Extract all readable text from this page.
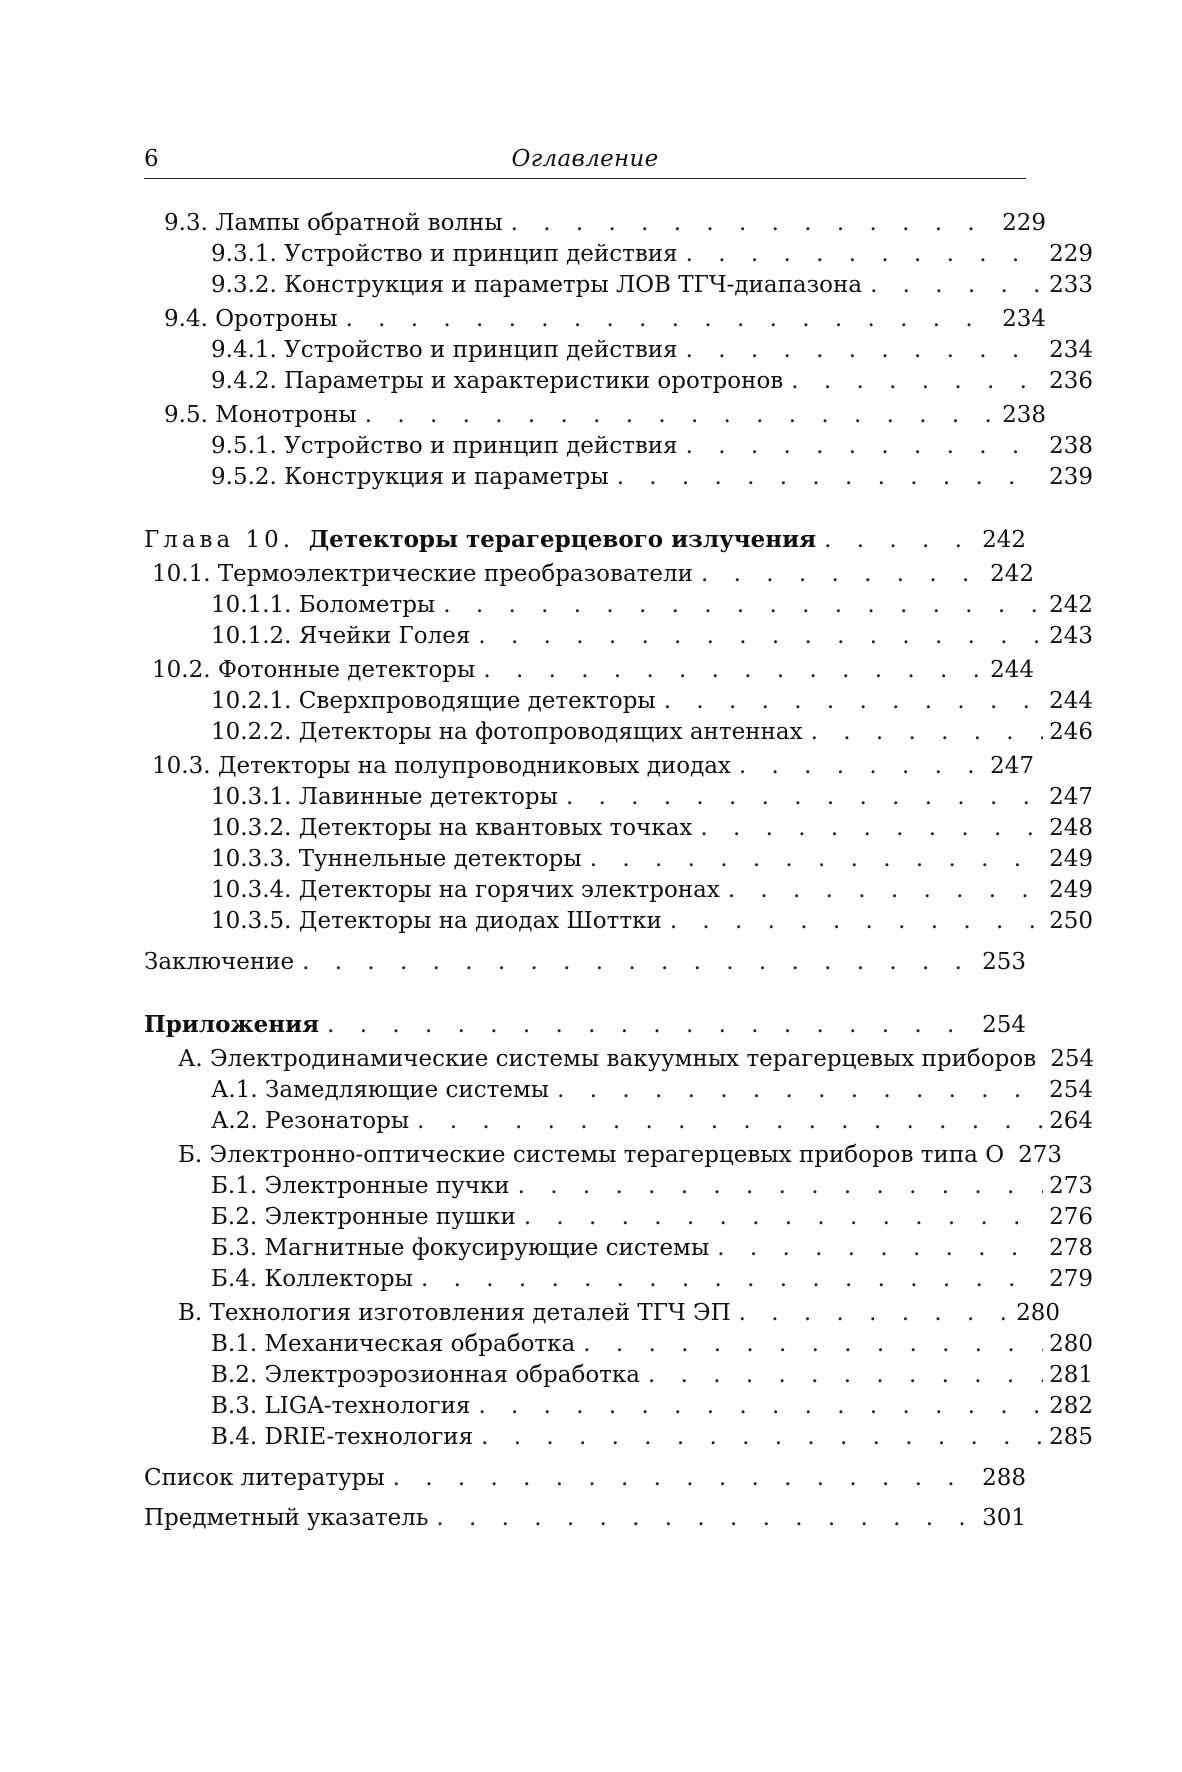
6	Оглавление
9.3. Лампы обратной волны . . .	229
9.3.1. Устройство и принцип действия . . .	229
9.3.2. Конструкция и параметры ЛОВ ТГЧ-диапазона . . .	233
9.4. Оротроны . . .	234
9.4.1. Устройство и принцип действия . . .	234
9.4.2. Параметры и характеристики оротронов . . .	236
9.5. Монотроны . . .	238
9.5.1. Устройство и принцип действия . . .	238
9.5.2. Конструкция и параметры . . .	239
Глава 10. Детекторы терагерцевого излучения . . .	242
10.1. Термоэлектрические преобразователи . . .	242
10.1.1. Болометры . . .	242
10.1.2. Ячейки Голея . . .	243
10.2. Фотонные детекторы . . .	244
10.2.1. Сверхпроводящие детекторы . . .	244
10.2.2. Детекторы на фотопроводящих антеннах . . .	246
10.3. Детекторы на полупроводниковых диодах . . .	247
10.3.1. Лавинные детекторы . . .	247
10.3.2. Детекторы на квантовых точках . . .	248
10.3.3. Туннельные детекторы . . .	249
10.3.4. Детекторы на горячих электронах . . .	249
10.3.5. Детекторы на диодах Шоттки . . .	250
Заключение . . .	253
Приложения . . .	254
А. Электродинамические системы вакуумных терагерцевых приборов 254
А.1. Замедляющие системы . . .	254
А.2. Резонаторы . . .	264
Б. Электронно-оптические системы терагерцевых приборов типа О 273
Б.1. Электронные пучки . . .	273
Б.2. Электронные пушки . . .	276
Б.3. Магнитные фокусирующие системы . . .	278
Б.4. Коллекторы . . .	279
В. Технология изготовления деталей ТГЧ ЭП . . .	280
В.1. Механическая обработка . . .	280
В.2. Электроэрозионная обработка . . .	281
В.3. LIGA-технология . . .	282
В.4. DRIE-технология . . .	285
Список литературы . . .	288
Предметный указатель . . .	301
